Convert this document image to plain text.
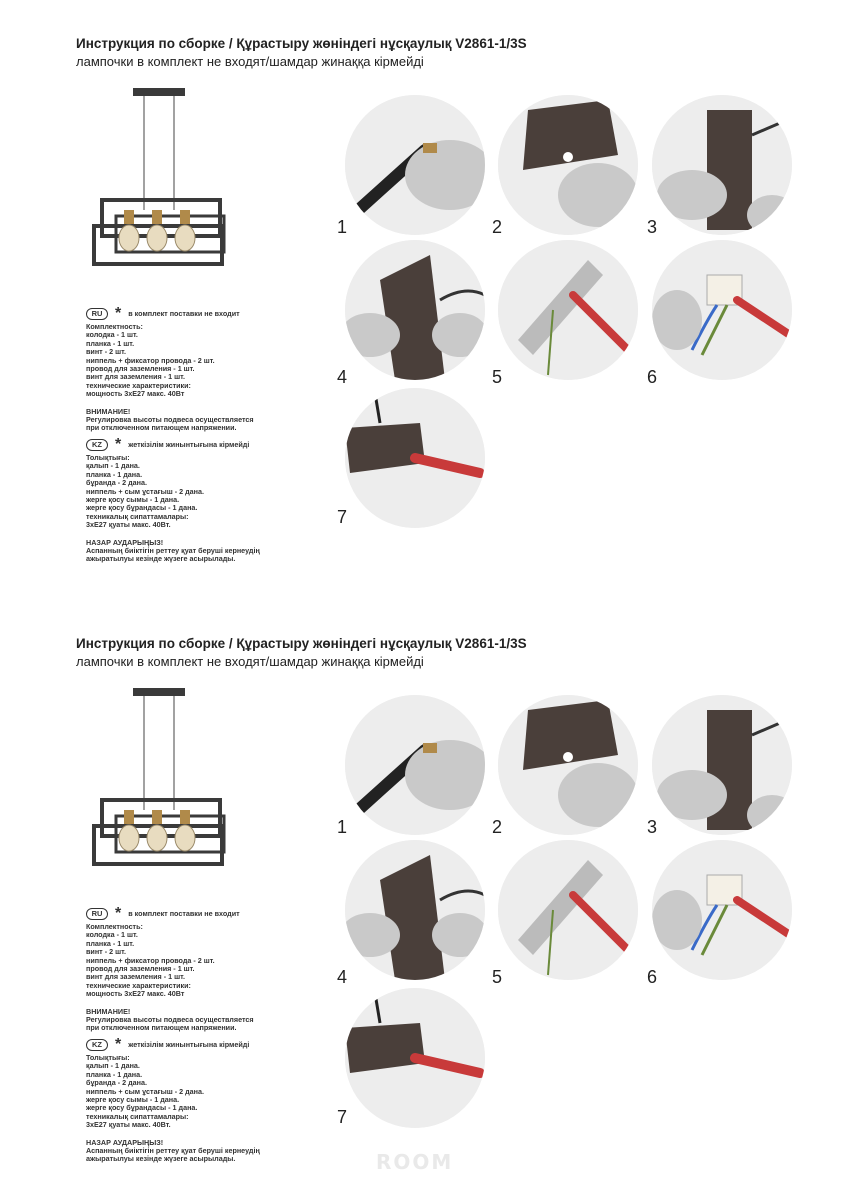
Инструкция по сборке / Құрастыру жөніндегі нұсқаулық V2861-1/3S
лампочки в комплект не входят/шамдар жинаққа кірмейді
RU * в комплект поставки не входит
Комплектность:
колодка - 1 шт.
планка - 1 шт.
винт - 2 шт.
ниппель + фиксатор провода - 2 шт.
провод для заземления - 1 шт.
винт для заземления - 1 шт.
технические характеристики:
мощность 3хЕ27 макс. 40Вт
ВНИМАНИЕ!
Регулировка высоты подвеса осуществляется
при отключенном питающем напряжении.
KZ * жеткізілім жинынтығына кірмейді
Толықтығы:
қалып - 1 дана.
планка - 1 дана.
бұранда - 2 дана.
ниппель + сым ұстағыш - 2 дана.
жерге қосу сымы - 1 дана.
жерге қосу бұрандасы - 1 дана.
техникалық сипаттамалары:
3хЕ27 қуаты макс. 40Вт.
НАЗАР АУДАРЫҢЫЗ!
Аспанның биіктігін реттеу қуат беруші кернеудің
ажыратылуы кезінде жүзеге асырылады.
1	2	3
4	5	6
7
Инструкция по сборке / Құрастыру жөніндегі нұсқаулық V2861-1/3S
лампочки в комплект не входят/шамдар жинаққа кірмейді
RU * в комплект поставки не входит
Комплектность:
колодка - 1 шт.
планка - 1 шт.
винт - 2 шт.
ниппель + фиксатор провода - 2 шт.
провод для заземления - 1 шт.
винт для заземления - 1 шт.
технические характеристики:
мощность 3хЕ27 макс. 40Вт
ВНИМАНИЕ!
Регулировка высоты подвеса осуществляется
при отключенном питающем напряжении.
KZ * жеткізілім жинынтығына кірмейді
Толықтығы:
қалып - 1 дана.
планка - 1 дана.
бұранда - 2 дана.
ниппель + сым ұстағыш - 2 дана.
жерге қосу сымы - 1 дана.
жерге қосу бұрандасы - 1 дана.
техникалық сипаттамалары:
3хЕ27 қуаты макс. 40Вт.
НАЗАР АУДАРЫҢЫЗ!
Аспанның биіктігін реттеу қуат беруші кернеудің
ажыратылуы кезінде жүзеге асырылады.
1	2	3
4	5	6
7
ROOM
